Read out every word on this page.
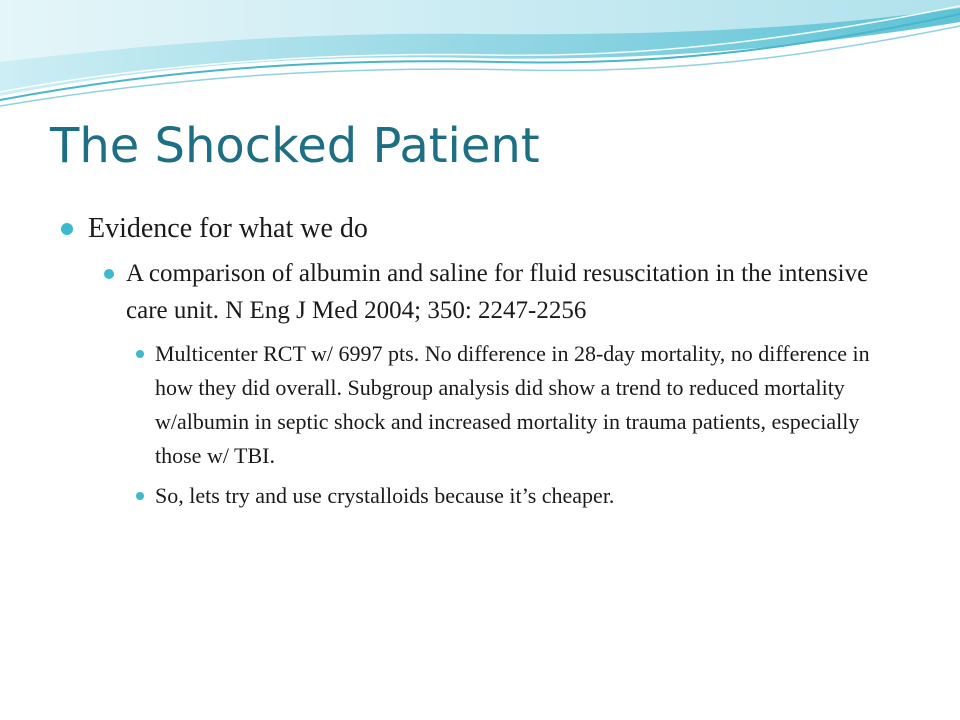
The Shocked Patient
Evidence for what we do
A comparison of albumin and saline for fluid resuscitation in the intensive care unit. N Eng J Med 2004; 350: 2247-2256
Multicenter RCT w/ 6997 pts. No difference in 28-day mortality, no difference in how they did overall. Subgroup analysis did show a trend to reduced mortality w/albumin in septic shock and increased mortality in trauma patients, especially those w/ TBI.
So, lets try and use crystalloids because it’s cheaper.
